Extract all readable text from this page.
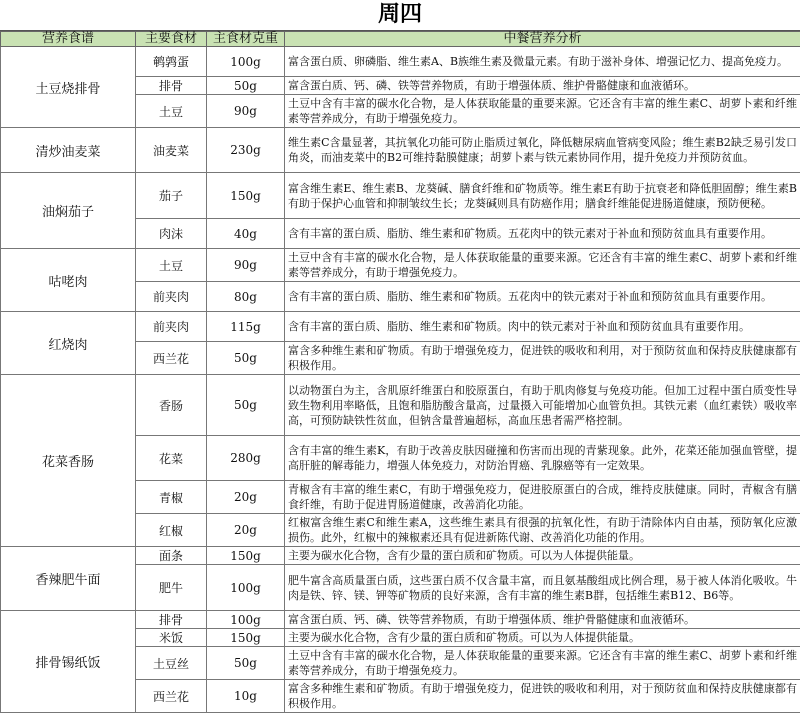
周四
营养食谱	主要食材	主食材克重	中餐营养分析
土豆烧排骨	鹌鹑蛋	100g	富含蛋白质、卵磷脂、维生素A、B族维生素及微量元素。有助于滋补身体、增强记忆力、提高免疫力。
	排骨	50g	富含蛋白质、钙、磷、铁等营养物质，有助于增强体质、维护骨骼健康和血液循环。
	土豆	90g	土豆中含有丰富的碳水化合物，是人体获取能量的重要来源。它还含有丰富的维生素C、胡萝卜素和纤维素等营养成分，有助于增强免疫力。
清炒油麦菜	油麦菜	230g	维生素C含量显著，其抗氧化功能可防止脂质过氧化，降低糖尿病血管病变风险；维生素B2缺乏易引发口角炎，而油麦菜中的B2可维持黏膜健康；胡萝卜素与铁元素协同作用，提升免疫力并预防贫血。
油焖茄子	茄子	150g	富含维生素E、维生素B、龙葵碱、膳食纤维和矿物质等。维生素E有助于抗衰老和降低胆固醇；维生素B有助于保护心血管和抑制皱纹生长；龙葵碱则具有防癌作用；膳食纤维能促进肠道健康，预防便秘。
	肉沫	40g	含有丰富的蛋白质、脂肪、维生素和矿物质。五花肉中的铁元素对于补血和预防贫血具有重要作用。
咕咾肉	土豆	90g	土豆中含有丰富的碳水化合物，是人体获取能量的重要来源。它还含有丰富的维生素C、胡萝卜素和纤维素等营养成分，有助于增强免疫力。
	前夹肉	80g	含有丰富的蛋白质、脂肪、维生素和矿物质。五花肉中的铁元素对于补血和预防贫血具有重要作用。
红烧肉	前夹肉	115g	含有丰富的蛋白质、脂肪、维生素和矿物质。肉中的铁元素对于补血和预防贫血具有重要作用。
	西兰花	50g	富含多种维生素和矿物质。有助于增强免疫力，促进铁的吸收和利用，对于预防贫血和保持皮肤健康都有积极作用。
花菜香肠	香肠	50g	以动物蛋白为主，含肌原纤维蛋白和胶原蛋白，有助于肌肉修复与免疫功能。但加工过程中蛋白质变性导致生物利用率略低，且饱和脂肪酸含量高，过量摄入可能增加心血管负担。其铁元素（血红素铁）吸收率高，可预防缺铁性贫血，但钠含量普遍超标，高血压患者需严格控制。
	花菜	280g	含有丰富的维生素K，有助于改善皮肤因碰撞和伤害而出现的青紫现象。此外，花菜还能加强血管壁，提高肝脏的解毒能力，增强人体免疫力，对防治胃癌、乳腺癌等有一定效果。
	青椒	20g	青椒含有丰富的维生素C，有助于增强免疫力，促进胶原蛋白的合成，维持皮肤健康。同时，青椒含有膳食纤维，有助于促进胃肠道健康，改善消化功能。
	红椒	20g	红椒富含维生素C和维生素A，这些维生素具有很强的抗氧化性，有助于清除体内自由基，预防氧化应激损伤。此外，红椒中的辣椒素还具有促进新陈代谢、改善消化功能的作用。
香辣肥牛面	面条	150g	主要为碳水化合物，含有少量的蛋白质和矿物质。可以为人体提供能量。
	肥牛	100g	肥牛富含高质量蛋白质，这些蛋白质不仅含量丰富，而且氨基酸组成比例合理，易于被人体消化吸收。牛肉是铁、锌、镁、钾等矿物质的良好来源，含有丰富的维生素B群，包括维生素B12、B6等。
排骨锡纸饭	排骨	100g	富含蛋白质、钙、磷、铁等营养物质，有助于增强体质、维护骨骼健康和血液循环。
	米饭	150g	主要为碳水化合物，含有少量的蛋白质和矿物质。可以为人体提供能量。
	土豆丝	50g	土豆中含有丰富的碳水化合物，是人体获取能量的重要来源。它还含有丰富的维生素C、胡萝卜素和纤维素等营养成分，有助于增强免疫力。
	西兰花	10g	富含多种维生素和矿物质。有助于增强免疫力，促进铁的吸收和利用，对于预防贫血和保持皮肤健康都有积极作用。
